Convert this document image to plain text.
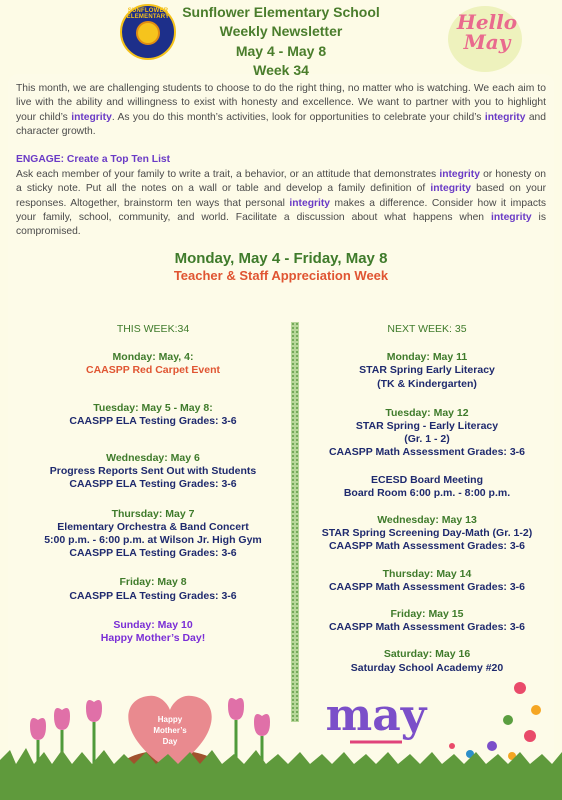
SUNFLOWER ELEMENTARY Sunflower Elementary School
Weekly Newsletter
May 4 - May 8
Week 34
Hello
May

This month, we are challenging students to choose to do the right thing, no matter who is watching. We each aim to live with the ability and willingness to exist with honesty and excellence. We want to partner with you to highlight your child’s integrity. As you do this month’s activities, look for opportunities to celebrate your child’s integrity and character growth.

ENGAGE: Create a Top Ten List

Ask each member of your family to write a trait, a behavior, or an attitude that demonstrates integrity or honesty on a sticky note. Put all the notes on a wall or table and develop a family definition of integrity based on your responses. Altogether, brainstorm ten ways that personal integrity makes a difference. Consider how it impacts your family, school, community, and world. Facilitate a discussion about what happens when integrity is compromised.

Monday, May 4 - Friday, May 8
Teacher & Staff Appreciation Week
THIS WEEK:34
Monday: May, 4:
CAASPP Red Carpet Event
Tuesday: May 5 - May 8:
CAASPP ELA Testing Grades: 3-6
Wednesday: May 6
Progress Reports Sent Out with Students
CAASPP ELA Testing Grades: 3-6
Thursday: May 7
Elementary Orchestra & Band Concert
5:00 p.m. - 6:00 p.m. at Wilson Jr. High Gym
CAASPP ELA Testing Grades: 3-6
Friday: May 8
CAASPP ELA Testing Grades: 3-6
Sunday: May 10
Happy Mother’s Day!
NEXT WEEK: 35
Monday: May 11
STAR Spring Early Literacy
(TK & Kindergarten)
Tuesday: May 12
STAR Spring - Early Literacy
(Gr. 1 - 2)
CAASPP Math Assessment Grades: 3-6
ECESD Board Meeting
Board Room 6:00 p.m. - 8:00 p.m.
Wednesday: May 13
STAR Spring Screening Day-Math (Gr. 1-2)
CAASPP Math Assessment Grades: 3-6
Thursday: May 14
CAASPP Math Assessment Grades: 3-6
Friday: May 15
CAASPP Math Assessment Grades: 3-6
Saturday: May 16
Saturday School Academy #20
Happy
Mother’s
Day
may
